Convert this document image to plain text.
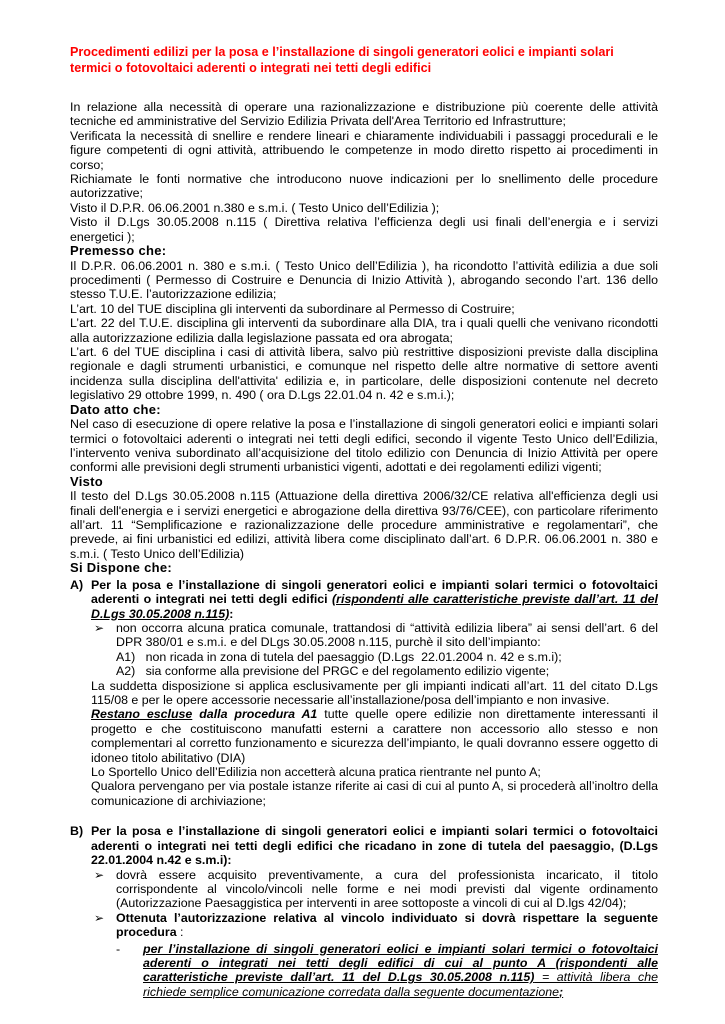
Procedimenti edilizi per la posa e l’installazione di singoli generatori eolici e impianti solari termici o fotovoltaici aderenti o integrati nei tetti degli edifici

In relazione alla necessità di operare una razionalizzazione e distribuzione più coerente delle attività tecniche ed amministrative del Servizio Edilizia Privata dell'Area Territorio ed Infrastrutture;

Verificata la necessità di snellire e rendere lineari e chiaramente individuabili i passaggi procedurali e le figure competenti di ogni attività, attribuendo le competenze in modo diretto rispetto ai procedimenti in corso;

Richiamate le fonti normative che introducono nuove indicazioni per lo snellimento delle procedure autorizzative;

Visto il D.P.R. 06.06.2001 n.380 e s.m.i. ( Testo Unico dell’Edilizia );

Visto il D.Lgs 30.05.2008 n.115 ( Direttiva relativa l’efficienza degli usi finali dell’energia e i servizi energetici );

Premesso che:

Il D.P.R. 06.06.2001 n. 380 e s.m.i. ( Testo Unico dell’Edilizia ), ha ricondotto l’attività edilizia a due soli procedimenti ( Permesso di Costruire e Denuncia di Inizio Attività ), abrogando secondo l’art. 136 dello stesso T.U.E. l’autorizzazione edilizia;

L’art. 10 del TUE disciplina gli interventi da subordinare al Permesso di Costruire;

L’art. 22 del T.U.E. disciplina gli interventi da subordinare alla DIA, tra i quali quelli che venivano ricondotti alla autorizzazione edilizia dalla legislazione passata ed ora abrogata;

L’art. 6 del TUE disciplina i casi di attività libera, salvo più restrittive disposizioni previste dalla disciplina regionale e dagli strumenti urbanistici, e comunque nel rispetto delle altre normative di settore aventi incidenza sulla disciplina dell'attivita' edilizia e, in particolare, delle disposizioni contenute nel decreto legislativo 29 ottobre 1999, n. 490 ( ora D.Lgs 22.01.04 n. 42 e s.m.i.);

Dato atto che:

Nel caso di esecuzione di opere relative la posa e l’installazione di singoli generatori eolici e impianti solari termici o fotovoltaici aderenti o integrati nei tetti degli edifici, secondo il vigente Testo Unico dell’Edilizia, l’intervento veniva subordinato all’acquisizione del titolo edilizio con Denuncia di Inizio Attività per opere conformi alle previsioni degli strumenti urbanistici vigenti, adottati e dei regolamenti edilizi vigenti;

Visto

Il testo del D.Lgs 30.05.2008 n.115 (Attuazione della direttiva 2006/32/CE relativa all'efficienza degli usi finali dell'energia e i servizi energetici e abrogazione della direttiva 93/76/CEE), con particolare riferimento all’art. 11 “Semplificazione e razionalizzazione delle procedure amministrative e regolamentari”, che prevede, ai fini urbanistici ed edilizi, attività libera come disciplinato dall’art. 6 D.P.R. 06.06.2001 n. 380 e s.m.i. ( Testo Unico dell’Edilizia)

Si Dispone che:
A) Per la posa e l’installazione di singoli generatori eolici e impianti solari termici o fotovoltaici aderenti o integrati nei tetti degli edifici (rispondenti alle caratteristiche previste dall’art. 11 del D.Lgs 30.05.2008 n.115):

➢ non occorra alcuna pratica comunale, trattandosi di “attività edilizia libera” ai sensi dell’art. 6 del DPR 380/01 e s.m.i. e del DLgs 30.05.2008 n.115, purchè il sito dell’impianto:

A1)   non ricada in zona di tutela del paesaggio (D.Lgs  22.01.2004 n. 42 e s.m.i);

A2)   sia conforme alla previsione del PRGC e del regolamento edilizio vigente;

La suddetta disposizione si applica esclusivamente per gli impianti indicati all’art. 11 del citato D.Lgs 115/08 e per le opere accessorie necessarie all’installazione/posa dell’impianto e non invasive.

Restano escluse dalla procedura A1 tutte quelle opere edilizie non direttamente interessanti il progetto e che costituiscono manufatti esterni a carattere non accessorio allo stesso e non complementari al corretto funzionamento e sicurezza dell’impianto, le quali dovranno essere oggetto di idoneo titolo abilitativo (DIA)

Lo Sportello Unico dell’Edilizia non accetterà alcuna pratica rientrante nel punto A;

Qualora pervengano per via postale istanze riferite ai casi di cui al punto A, si procederà all’inoltro della comunicazione di archiviazione;

B) Per la posa e l’installazione di singoli generatori eolici e impianti solari termici o fotovoltaici aderenti o integrati nei tetti degli edifici che ricadano in zone di tutela del paesaggio, (D.Lgs 22.01.2004 n.42 e s.m.i):

➢ dovrà essere acquisito preventivamente, a cura del professionista incaricato, il titolo corrispondente al vincolo/vincoli nelle forme e nei modi previsti dal vigente ordinamento (Autorizzazione Paesaggistica per interventi in aree sottoposte a vincoli di cui al D.lgs 42/04);

➢ Ottenuta l’autorizzazione relativa al vincolo individuato si dovrà rispettare la seguente procedura :

-	per l’installazione di singoli generatori eolici e impianti solari termici o fotovoltaici aderenti o integrati nei tetti degli edifici di cui al punto A (rispondenti alle caratteristiche previste dall’art. 11 del D.Lgs 30.05.2008 n.115) = attività libera che richiede semplice comunicazione corredata dalla seguente documentazione;
